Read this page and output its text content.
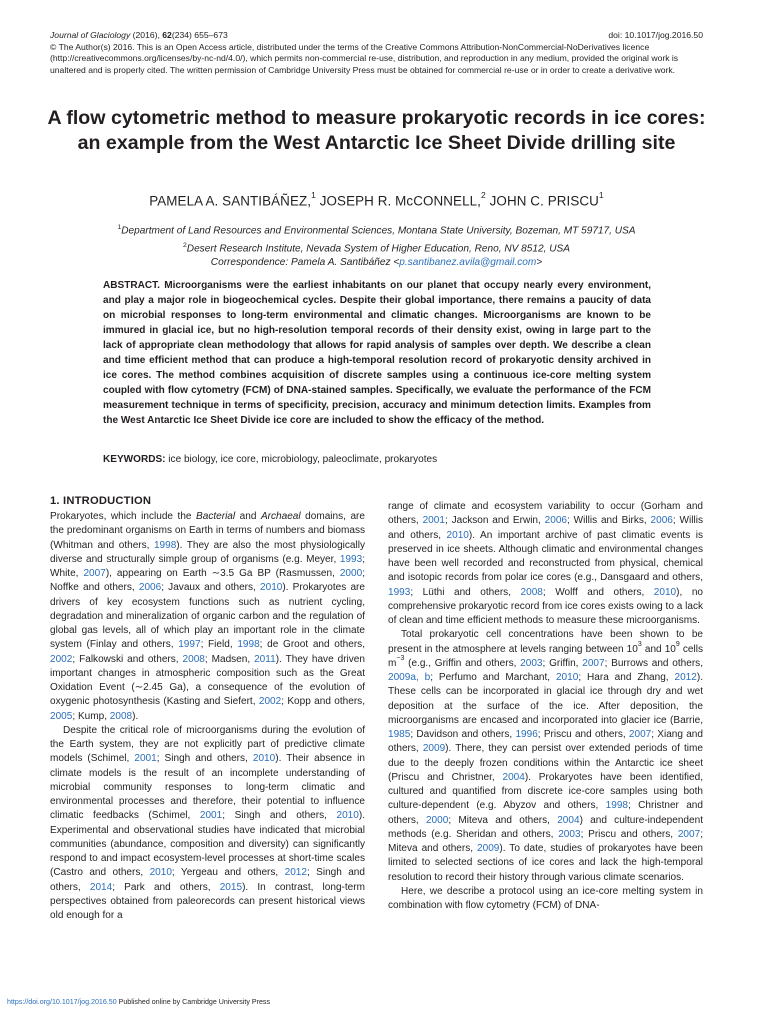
Journal of Glaciology (2016), 62(234) 655–673	doi: 10.1017/jog.2016.50
© The Author(s) 2016. This is an Open Access article, distributed under the terms of the Creative Commons Attribution-NonCommercial-NoDerivatives licence (http://creativecommons.org/licenses/by-nc-nd/4.0/), which permits non-commercial re-use, distribution, and reproduction in any medium, provided the original work is unaltered and is properly cited. The written permission of Cambridge University Press must be obtained for commercial re-use or in order to create a derivative work.
A flow cytometric method to measure prokaryotic records in ice cores: an example from the West Antarctic Ice Sheet Divide drilling site
PAMELA A. SANTIBÁÑEZ,$^1$ JOSEPH R. McCONNELL,$^2$ JOHN C. PRISCU$^1$
$^1$Department of Land Resources and Environmental Sciences, Montana State University, Bozeman, MT 59717, USA
$^2$Desert Research Institute, Nevada System of Higher Education, Reno, NV 8512, USA
Correspondence: Pamela A. Santibáñez <p.santibanez.avila@gmail.com>
ABSTRACT. Microorganisms were the earliest inhabitants on our planet that occupy nearly every environment, and play a major role in biogeochemical cycles. Despite their global importance, there remains a paucity of data on microbial responses to long-term environmental and climatic changes. Microorganisms are known to be immured in glacial ice, but no high-resolution temporal records of their density exist, owing in large part to the lack of appropriate clean methodology that allows for rapid analysis of samples over depth. We describe a clean and time efficient method that can produce a high-temporal resolution record of prokaryotic density archived in ice cores. The method combines acquisition of discrete samples using a continuous ice-core melting system coupled with flow cytometry (FCM) of DNA-stained samples. Specifically, we evaluate the performance of the FCM measurement technique in terms of specificity, precision, accuracy and minimum detection limits. Examples from the West Antarctic Ice Sheet Divide ice core are included to show the efficacy of the method.
KEYWORDS: ice biology, ice core, microbiology, paleoclimate, prokaryotes
1. INTRODUCTION

Prokaryotes, which include the Bacterial and Archaeal domains, are the predominant organisms on Earth in terms of numbers and biomass (Whitman and others, 1998). They are also the most physiologically diverse and structurally simple group of organisms (e.g. Meyer, 1993; White, 2007), appearing on Earth ∼3.5 Ga BP (Rasmussen, 2000; Noffke and others, 2006; Javaux and others, 2010). Prokaryotes are drivers of key ecosystem functions such as nutrient cycling, degradation and mineralization of organic carbon and the regulation of global gas levels, all of which play an important role in the climate system (Finlay and others, 1997; Field, 1998; de Groot and others, 2002; Falkowski and others, 2008; Madsen, 2011). They have driven important changes in atmospheric composition such as the Great Oxidation Event (∼2.45 Ga), a consequence of the evolution of oxygenic photosynthesis (Kasting and Siefert, 2002; Kopp and others, 2005; Kump, 2008).

Despite the critical role of microorganisms during the evolution of the Earth system, they are not explicitly part of predictive climate models (Schimel, 2001; Singh and others, 2010). Their absence in climate models is the result of an incomplete understanding of microbial community responses to long-term climatic and environmental processes and therefore, their potential to influence climatic feedbacks (Schimel, 2001; Singh and others, 2010). Experimental and observational studies have indicated that microbial communities (abundance, composition and diversity) can significantly respond to and impact ecosystem-level processes at short-time scales (Castro and others, 2010; Yergeau and others, 2012; Singh and others, 2014; Park and others, 2015). In contrast, long-term perspectives obtained from paleorecords can present historical views old enough for a

range of climate and ecosystem variability to occur (Gorham and others, 2001; Jackson and Erwin, 2006; Willis and Birks, 2006; Willis and others, 2010). An important archive of past climatic events is preserved in ice sheets. Although climatic and environmental changes have been well recorded and reconstructed from physical, chemical and isotopic records from polar ice cores (e.g., Dansgaard and others, 1993; Lüthi and others, 2008; Wolff and others, 2010), no comprehensive prokaryotic record from ice cores exists owing to a lack of clean and time efficient methods to measure these microorganisms.

Total prokaryotic cell concentrations have been shown to be present in the atmosphere at levels ranging between $10^3$ and $10^9$ cells $m^{-3}$ (e.g., Griffin and others, 2003; Griffin, 2007; Burrows and others, 2009a, b; Perfumo and Marchant, 2010; Hara and Zhang, 2012). These cells can be incorporated in glacial ice through dry and wet deposition at the surface of the ice. After deposition, the microorganisms are encased and incorporated into glacier ice (Barrie, 1985; Davidson and others, 1996; Priscu and others, 2007; Xiang and others, 2009). There, they can persist over extended periods of time due to the deeply frozen conditions within the Antarctic ice sheet (Priscu and Christner, 2004). Prokaryotes have been identified, cultured and quantified from discrete ice-core samples using both culture-dependent (e.g. Abyzov and others, 1998; Christner and others, 2000; Miteva and others, 2004) and culture-independent methods (e.g. Sheridan and others, 2003; Priscu and others, 2007; Miteva and others, 2009). To date, studies of prokaryotes have been limited to selected sections of ice cores and lack the high-temporal resolution to record their history through various climate scenarios.

Here, we describe a protocol using an ice-core melting system in combination with flow cytometry (FCM) of DNA-

https://doi.org/10.1017/jog.2016.50 Published online by Cambridge University Press
